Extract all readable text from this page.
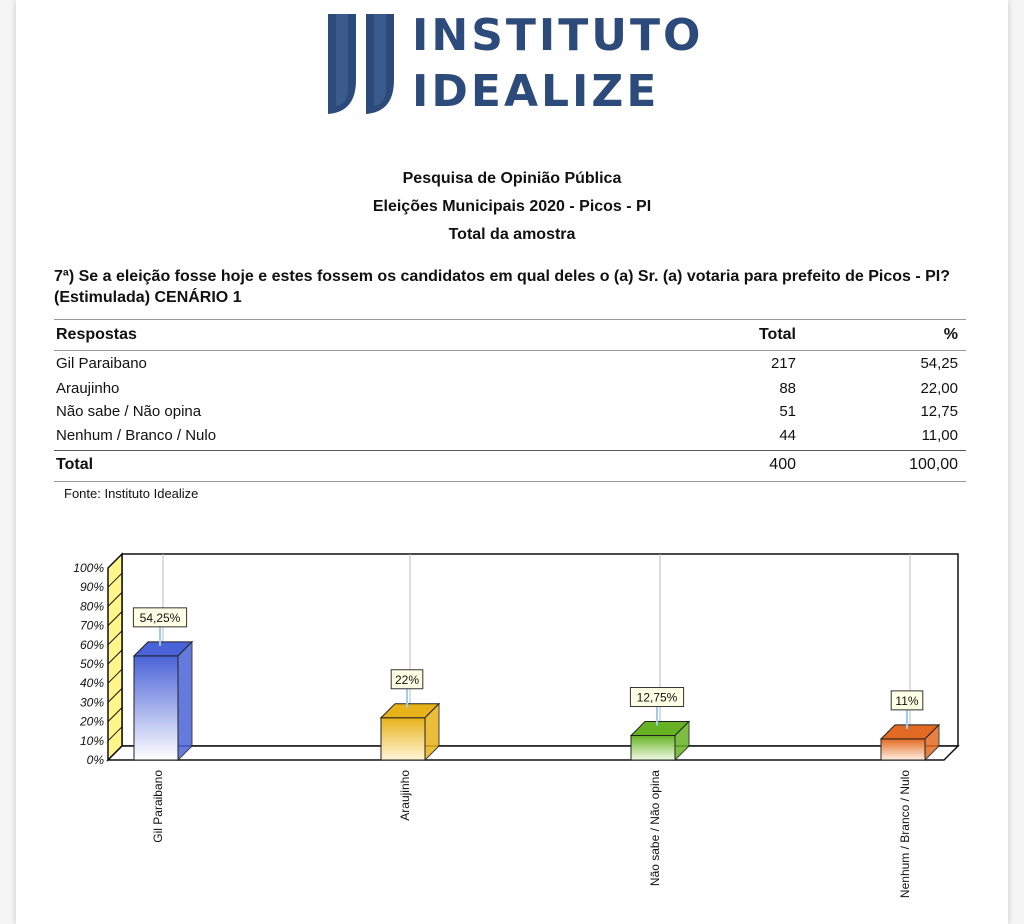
INSTITUTO
IDEALIZE
Pesquisa de Opinião Pública
Eleições Municipais 2020 - Picos - PI
Total da amostra
7ª) Se a eleição fosse hoje e estes fossem os candidatos em qual deles o (a) Sr. (a) votaria para prefeito de Picos - PI? (Estimulada) CENÁRIO 1
Respostas	Total	%
Gil Paraibano	217	54,25
Araujinho	88	22,00
Não sabe / Não opina	51	12,75
Nenhum / Branco / Nulo	44	11,00
Total	400	100,00
Fonte: Instituto Idealize
0%
10%
20%
30%
40%
50%
60%
70%
80%
90%
100%
54,25%
22%
12,75%	11%
Gil Paraibano	Araujinho	Não sabe / Não opina	Nenhum / Branco / Nulo
